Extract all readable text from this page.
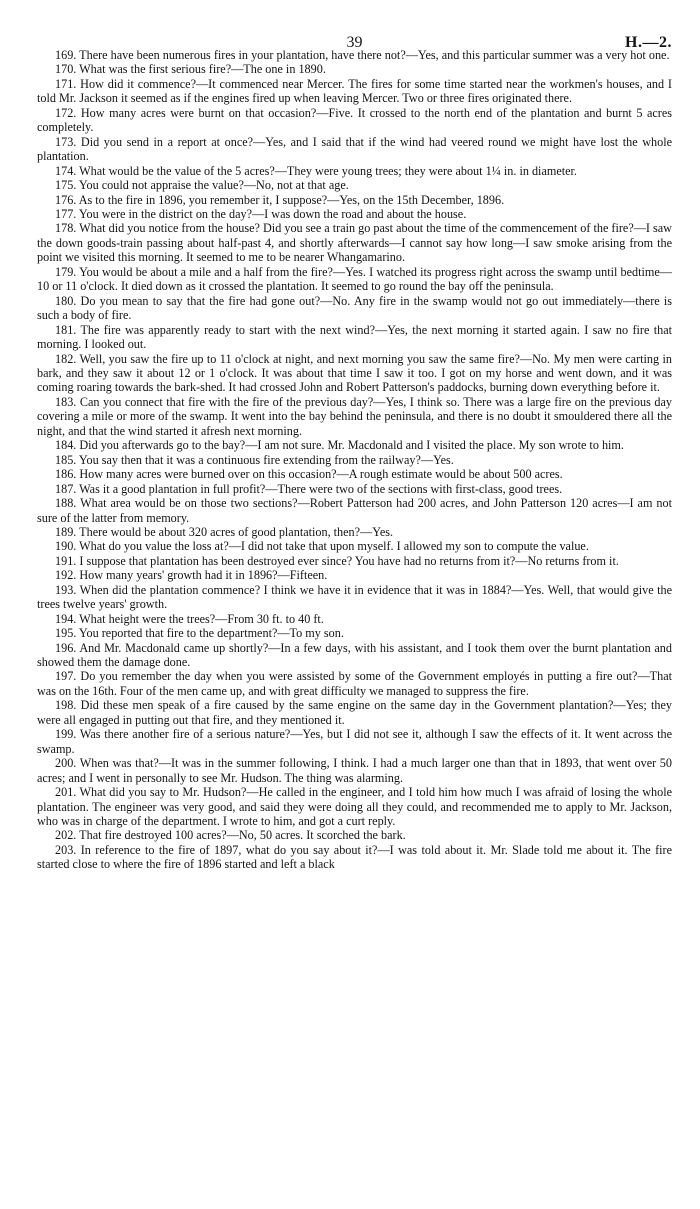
39	H.—2.

169. There have been numerous fires in your plantation, have there not?—Yes, and this particular summer was a very hot one.

170. What was the first serious fire?—The one in 1890.

171. How did it commence?—It commenced near Mercer. The fires for some time started near the workmen's houses, and I told Mr. Jackson it seemed as if the engines fired up when leaving Mercer. Two or three fires originated there.

172. How many acres were burnt on that occasion?—Five. It crossed to the north end of the plantation and burnt 5 acres completely.

173. Did you send in a report at once?—Yes, and I said that if the wind had veered round we might have lost the whole plantation.

174. What would be the value of the 5 acres?—They were young trees; they were about 1¼ in. in diameter.

175. You could not appraise the value?—No, not at that age.

176. As to the fire in 1896, you remember it, I suppose?—Yes, on the 15th December, 1896.

177. You were in the district on the day?—I was down the road and about the house.

178. What did you notice from the house? Did you see a train go past about the time of the commencement of the fire?—I saw the down goods-train passing about half-past 4, and shortly afterwards—I cannot say how long—I saw smoke arising from the point we visited this morning. It seemed to me to be nearer Whangamarino.

179. You would be about a mile and a half from the fire?—Yes. I watched its progress right across the swamp until bedtime—10 or 11 o'clock. It died down as it crossed the plantation. It seemed to go round the bay off the peninsula.

180. Do you mean to say that the fire had gone out?—No. Any fire in the swamp would not go out immediately—there is such a body of fire.

181. The fire was apparently ready to start with the next wind?—Yes, the next morning it started again. I saw no fire that morning. I looked out.

182. Well, you saw the fire up to 11 o'clock at night, and next morning you saw the same fire?—No. My men were carting in bark, and they saw it about 12 or 1 o'clock. It was about that time I saw it too. I got on my horse and went down, and it was coming roaring towards the bark-shed. It had crossed John and Robert Patterson's paddocks, burning down everything before it.

183. Can you connect that fire with the fire of the previous day?—Yes, I think so. There was a large fire on the previous day covering a mile or more of the swamp. It went into the bay behind the peninsula, and there is no doubt it smouldered there all the night, and that the wind started it afresh next morning.

184. Did you afterwards go to the bay?—I am not sure. Mr. Macdonald and I visited the place. My son wrote to him.

185. You say then that it was a continuous fire extending from the railway?—Yes.

186. How many acres were burned over on this occasion?—A rough estimate would be about 500 acres.

187. Was it a good plantation in full profit?—There were two of the sections with first-class, good trees.

188. What area would be on those two sections?—Robert Patterson had 200 acres, and John Patterson 120 acres—I am not sure of the latter from memory.

189. There would be about 320 acres of good plantation, then?—Yes.

190. What do you value the loss at?—I did not take that upon myself. I allowed my son to compute the value.

191. I suppose that plantation has been destroyed ever since? You have had no returns from it?—No returns from it.

192. How many years' growth had it in 1896?—Fifteen.

193. When did the plantation commence? I think we have it in evidence that it was in 1884?—Yes. Well, that would give the trees twelve years' growth.

194. What height were the trees?—From 30 ft. to 40 ft.

195. You reported that fire to the department?—To my son.

196. And Mr. Macdonald came up shortly?—In a few days, with his assistant, and I took them over the burnt plantation and showed them the damage done.

197. Do you remember the day when you were assisted by some of the Government employés in putting a fire out?—That was on the 16th. Four of the men came up, and with great difficulty we managed to suppress the fire.

198. Did these men speak of a fire caused by the same engine on the same day in the Government plantation?—Yes; they were all engaged in putting out that fire, and they mentioned it.

199. Was there another fire of a serious nature?—Yes, but I did not see it, although I saw the effects of it. It went across the swamp.

200. When was that?—It was in the summer following, I think. I had a much larger one than that in 1893, that went over 50 acres; and I went in personally to see Mr. Hudson. The thing was alarming.

201. What did you say to Mr. Hudson?—He called in the engineer, and I told him how much I was afraid of losing the whole plantation. The engineer was very good, and said they were doing all they could, and recommended me to apply to Mr. Jackson, who was in charge of the department. I wrote to him, and got a curt reply.

202. That fire destroyed 100 acres?—No, 50 acres. It scorched the bark.

203. In reference to the fire of 1897, what do you say about it?—I was told about it. Mr. Slade told me about it. The fire started close to where the fire of 1896 started and left a black
